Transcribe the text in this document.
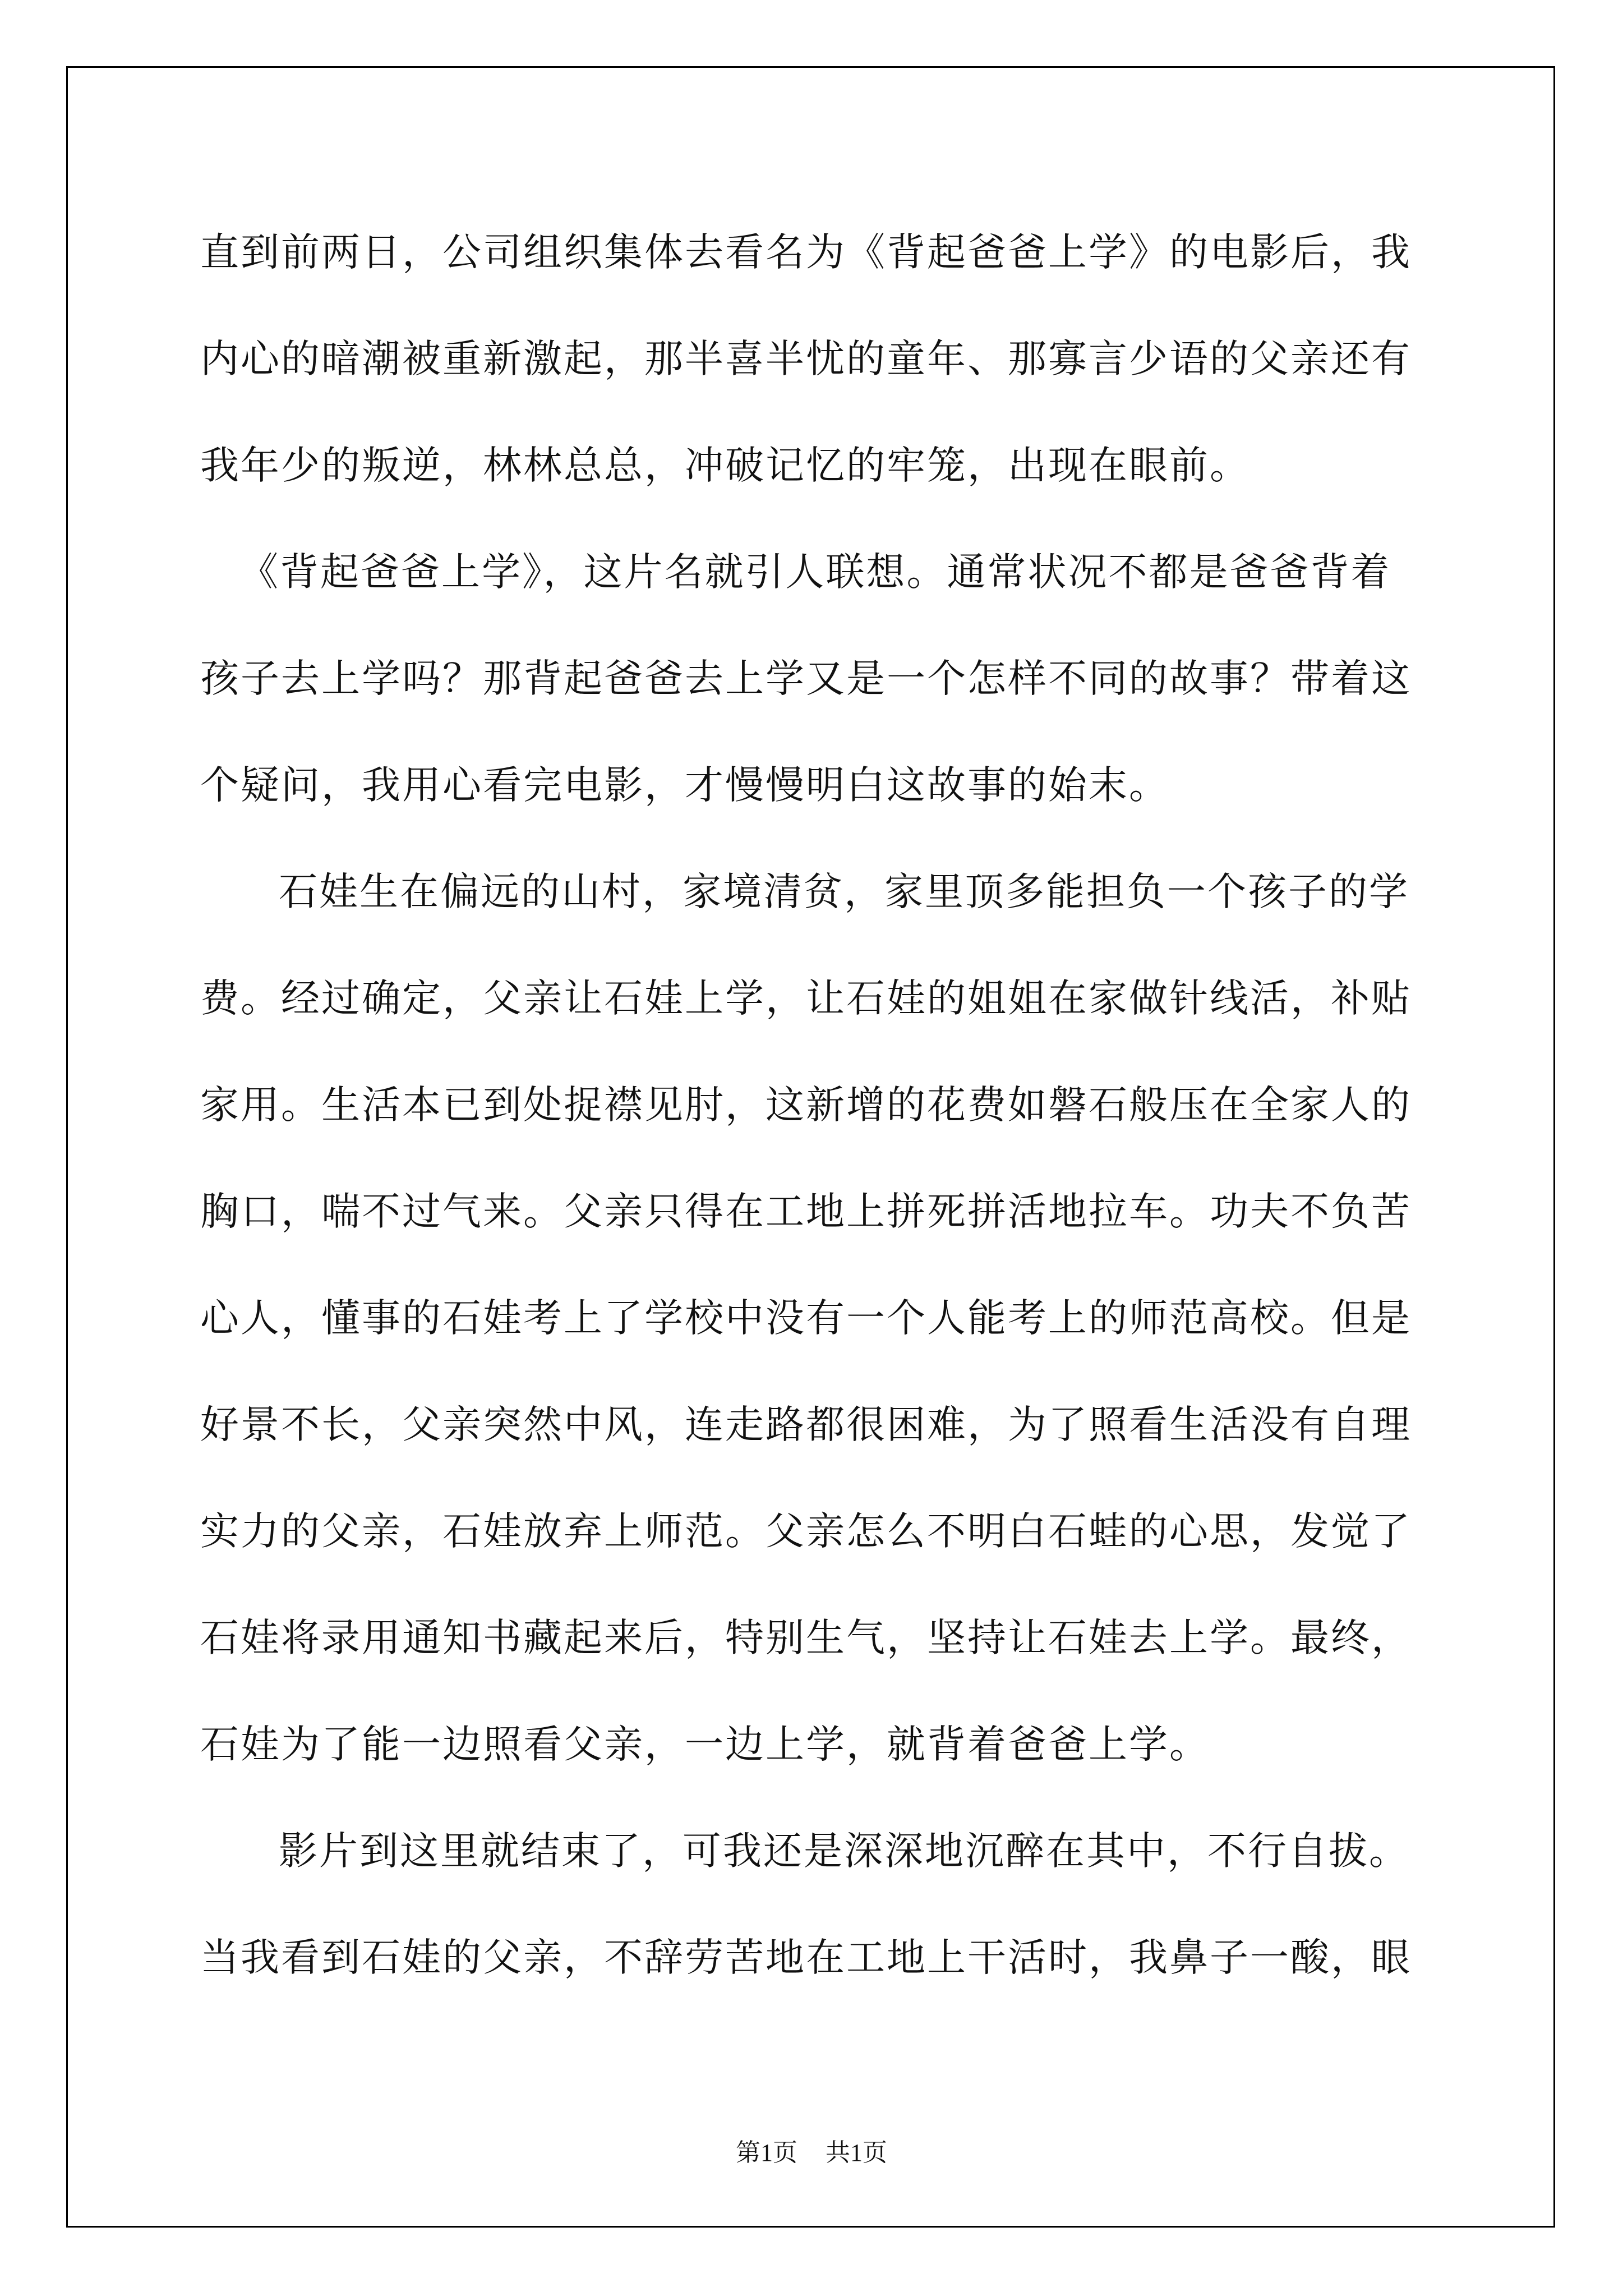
直到前两日，公司组织集体去看名为《背起爸爸上学》的电影后，我
内心的暗潮被重新激起，那半喜半忧的童年、那寡言少语的父亲还有
我年少的叛逆，林林总总，冲破记忆的牢笼，出现在眼前。
《背起爸爸上学》，这片名就引人联想。通常状况不都是爸爸背着
孩子去上学吗？那背起爸爸去上学又是一个怎样不同的故事？带着这
个疑问，我用心看完电影，才慢慢明白这故事的始末。
石娃生在偏远的山村，家境清贫，家里顶多能担负一个孩子的学
费。经过确定，父亲让石娃上学，让石娃的姐姐在家做针线活，补贴
家用。生活本已到处捉襟见肘，这新增的花费如磐石般压在全家人的
胸口，喘不过气来。父亲只得在工地上拼死拼活地拉车。功夫不负苦
心人，懂事的石娃考上了学校中没有一个人能考上的师范高校。但是
好景不长，父亲突然中风，连走路都很困难，为了照看生活没有自理
实力的父亲，石娃放弃上师范。父亲怎么不明白石蛙的心思，发觉了
石娃将录用通知书藏起来后，特别生气，坚持让石娃去上学。最终，
石娃为了能一边照看父亲，一边上学，就背着爸爸上学。
影片到这里就结束了，可我还是深深地沉醉在其中，不行自拔。
当我看到石娃的父亲，不辞劳苦地在工地上干活时，我鼻子一酸，眼
第1页 共1页
